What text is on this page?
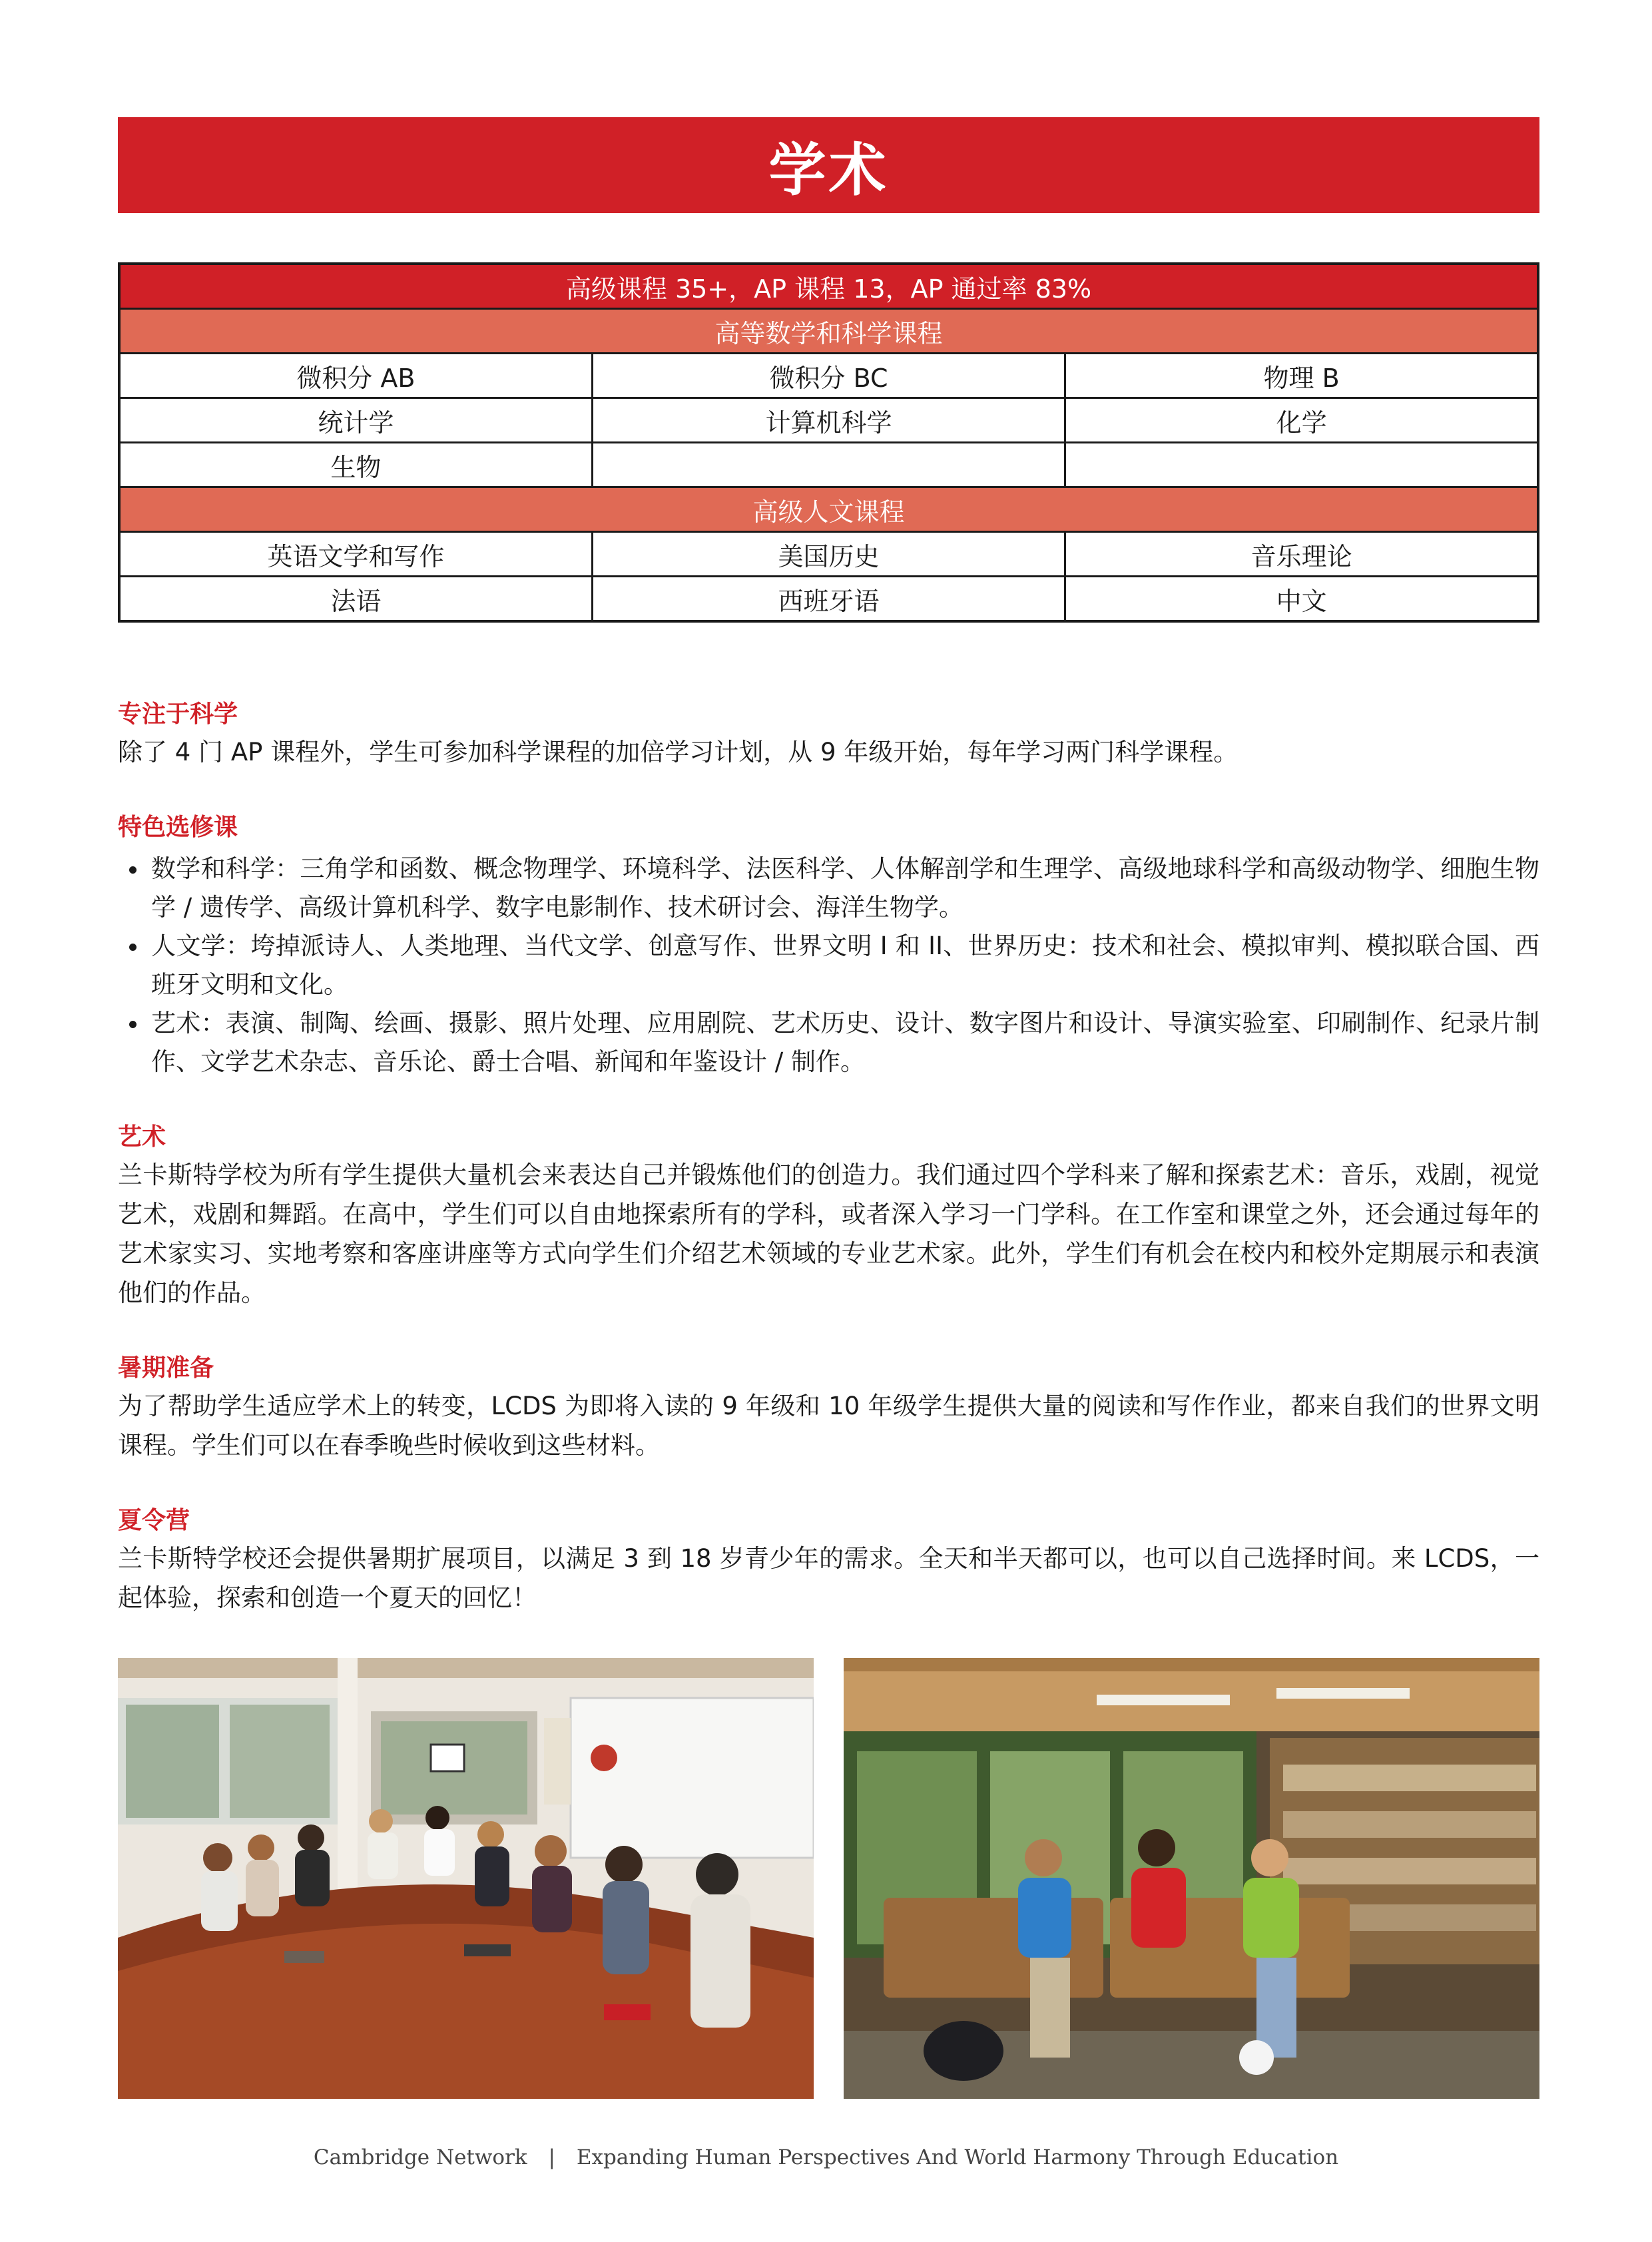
学术
高级课程 35+，AP 课程 13，AP 通过率 83%		
高等数学和科学课程		
微积分 AB	微积分 BC	物理 B
统计学	计算机科学	化学
生物		
高级人文课程		
英语文学和写作	美国历史	音乐理论
法语	西班牙语	中文
专注于科学
除了 4 门 AP 课程外，学生可参加科学课程的加倍学习计划，从 9 年级开始，每年学习两门科学课程。
特色选修课
• 数学和科学：三角学和函数、概念物理学、环境科学、法医科学、人体解剖学和生理学、高级地球科学和高级动物学、细胞生物学 / 遗传学、高级计算机科学、数字电影制作、技术研讨会、海洋生物学。
• 人文学：垮掉派诗人、人类地理、当代文学、创意写作、世界文明 I 和 II、世界历史：技术和社会、模拟审判、模拟联合国、西班牙文明和文化。
• 艺术：表演、制陶、绘画、摄影、照片处理、应用剧院、艺术历史、设计、数字图片和设计、导演实验室、印刷制作、纪录片制作、文学艺术杂志、音乐论、爵士合唱、新闻和年鉴设计 / 制作。
艺术
兰卡斯特学校为所有学生提供大量机会来表达自己并锻炼他们的创造力。我们通过四个学科来了解和探索艺术：音乐，戏剧，视觉艺术，戏剧和舞蹈。在高中，学生们可以自由地探索所有的学科，或者深入学习一门学科。在工作室和课堂之外，还会通过每年的艺术家实习、实地考察和客座讲座等方式向学生们介绍艺术领域的专业艺术家。此外，学生们有机会在校内和校外定期展示和表演他们的作品。
暑期准备
为了帮助学生适应学术上的转变，LCDS 为即将入读的 9 年级和 10 年级学生提供大量的阅读和写作作业，都来自我们的世界文明课程。学生们可以在春季晚些时候收到这些材料。
夏令营
兰卡斯特学校还会提供暑期扩展项目，以满足 3 到 18 岁青少年的需求。全天和半天都可以，也可以自己选择时间。来 LCDS，一起体验，探索和创造一个夏天的回忆！
Cambridge Network | Expanding Human Perspectives And World Harmony Through Education
